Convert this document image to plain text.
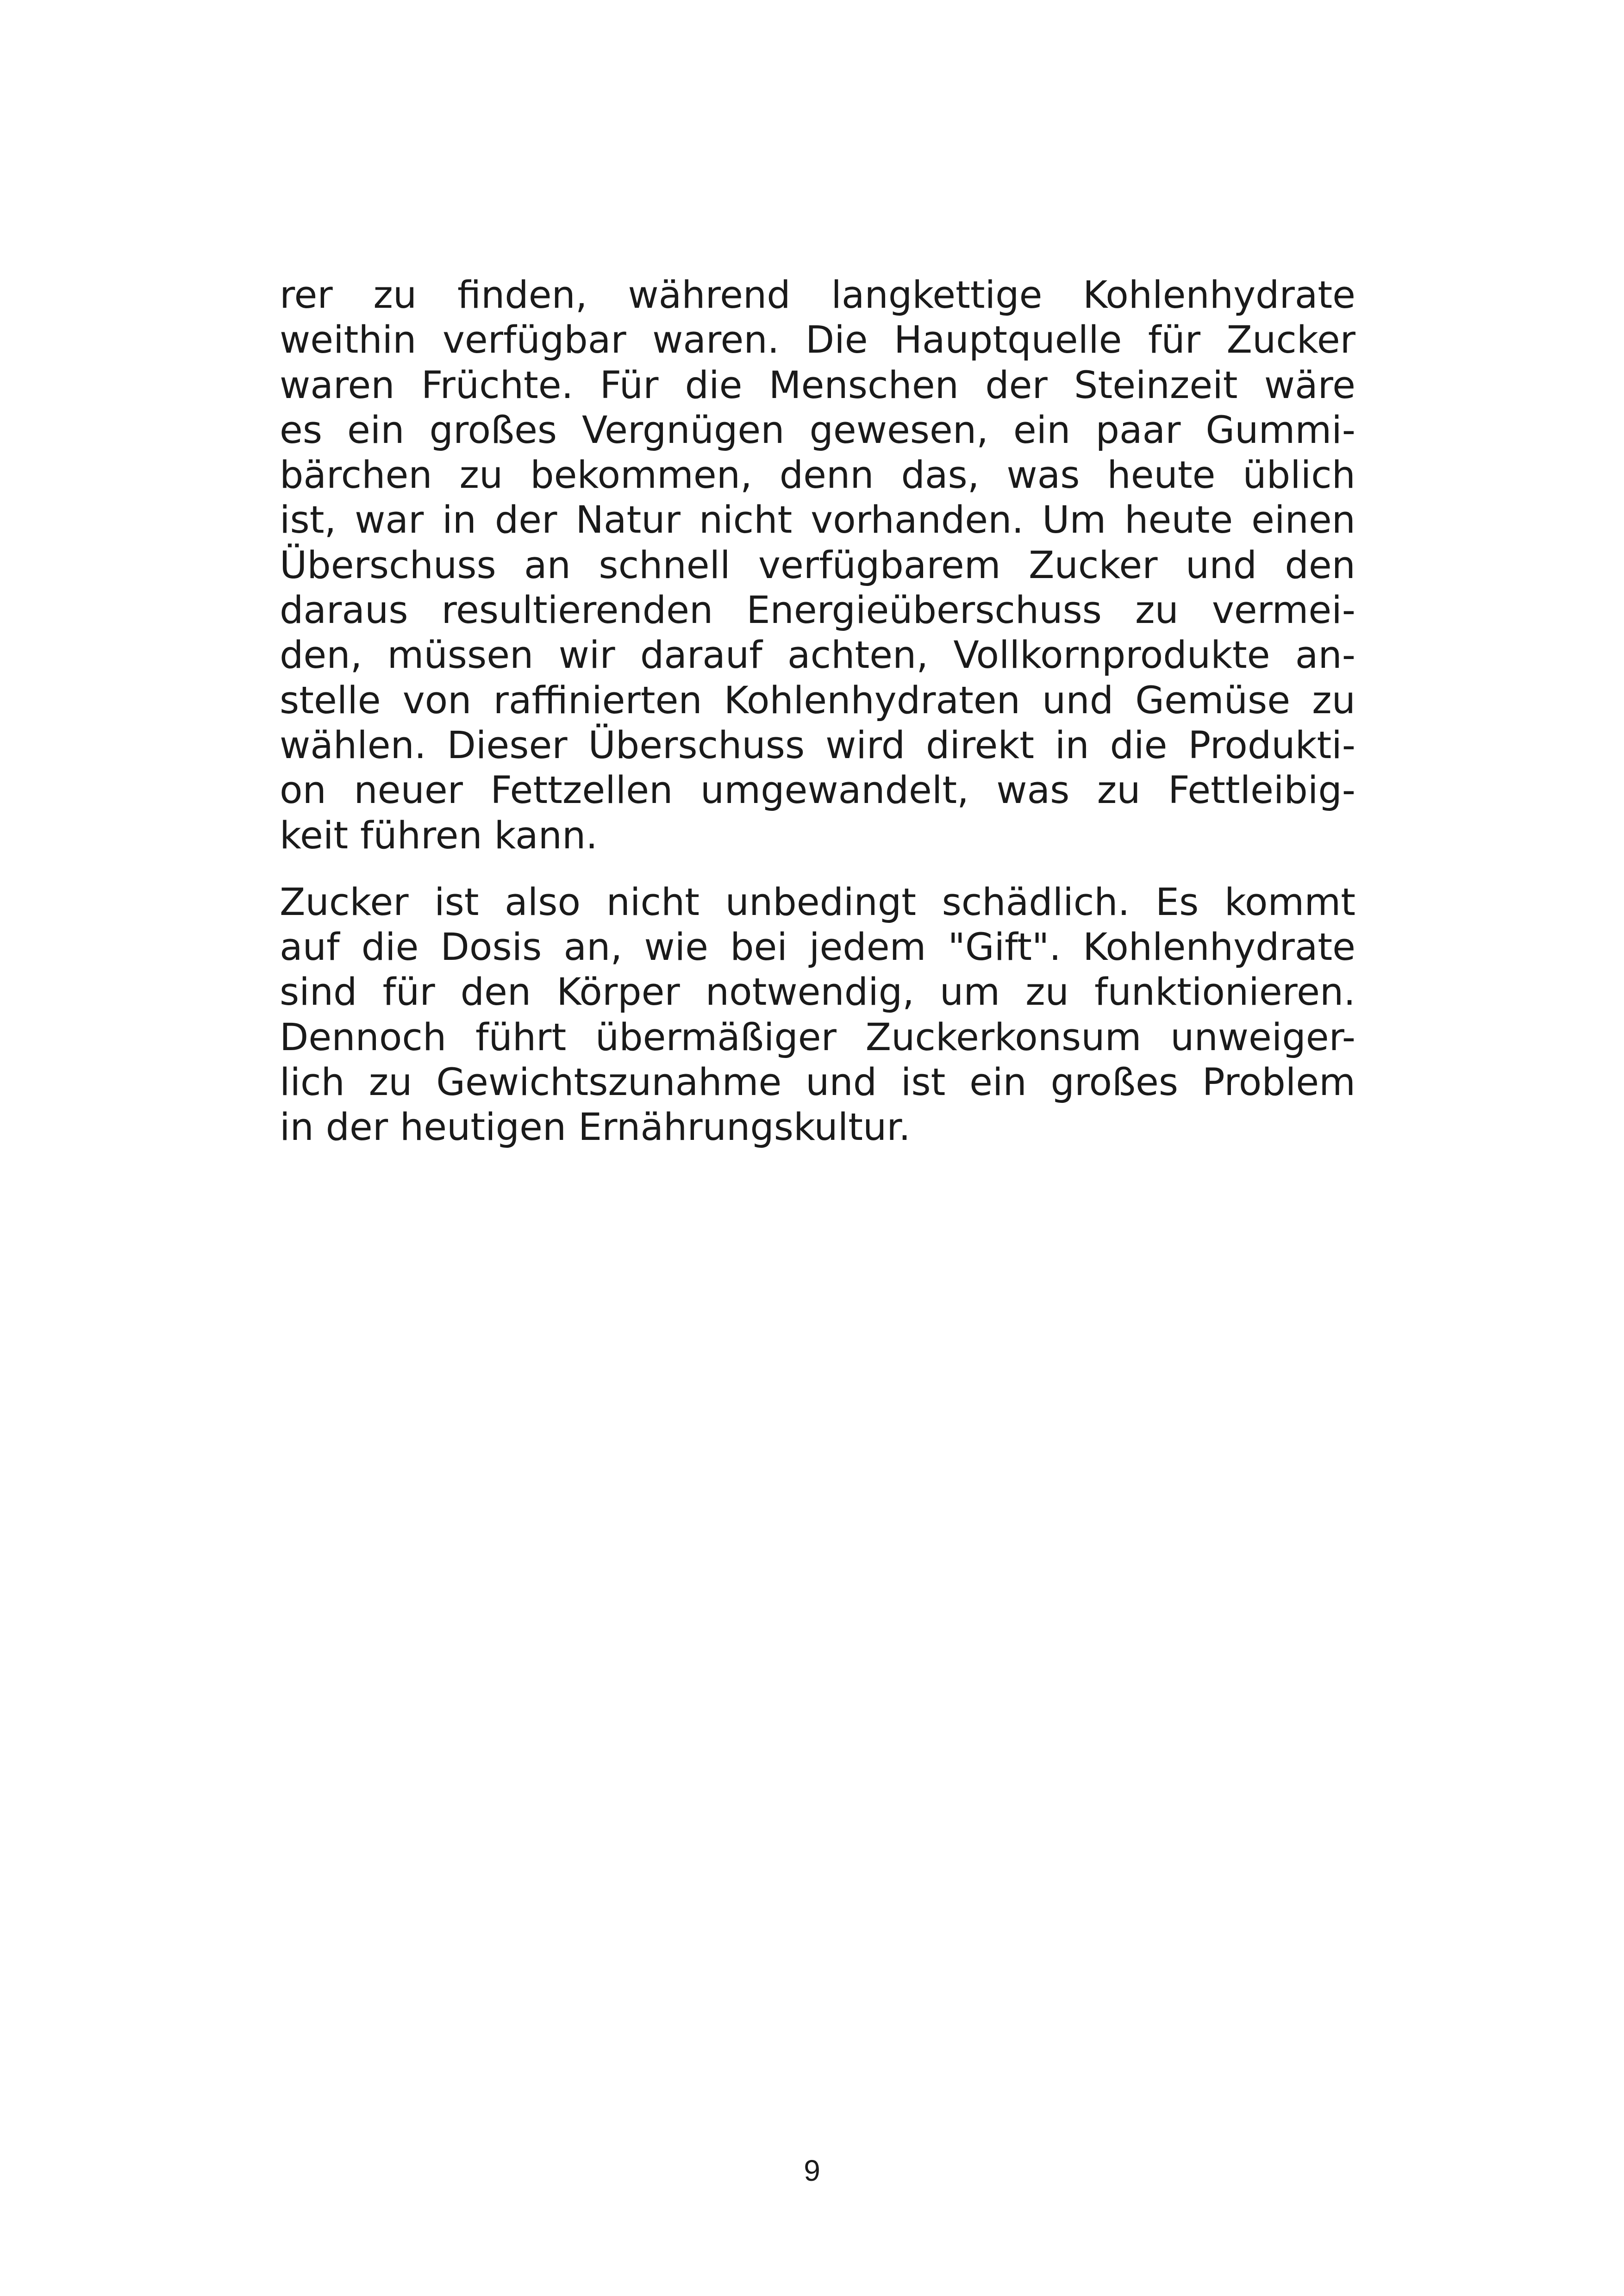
rer zu finden, während langkettige Kohlenhydrate
weithin verfügbar waren. Die Hauptquelle für Zucker
waren Früchte. Für die Menschen der Steinzeit wäre
es ein großes Vergnügen gewesen, ein paar Gummi-
bärchen zu bekommen, denn das, was heute üblich
ist, war in der Natur nicht vorhanden. Um heute einen
Überschuss an schnell verfügbarem Zucker und den
daraus resultierenden Energieüberschuss zu vermei-
den, müssen wir darauf achten, Vollkornprodukte an-
stelle von raffinierten Kohlenhydraten und Gemüse zu
wählen. Dieser Überschuss wird direkt in die Produkti-
on neuer Fettzellen umgewandelt, was zu Fettleibig-
keit führen kann.

Zucker ist also nicht unbedingt schädlich. Es kommt
auf die Dosis an, wie bei jedem "Gift". Kohlenhydrate
sind für den Körper notwendig, um zu funktionieren.
Dennoch führt übermäßiger Zuckerkonsum unweiger-
lich zu Gewichtszunahme und ist ein großes Problem
in der heutigen Ernährungskultur.

9
